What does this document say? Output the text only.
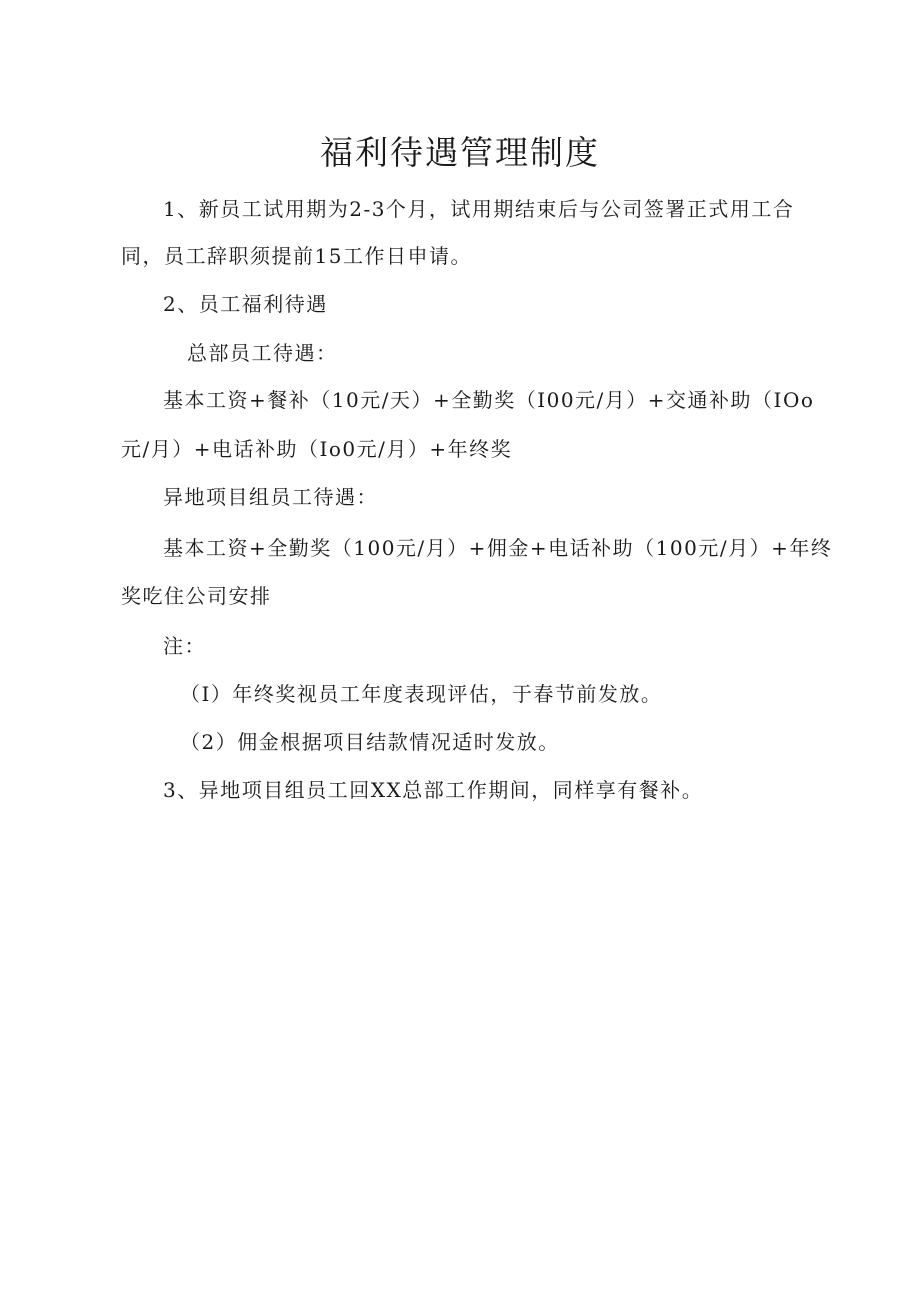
福利待遇管理制度
1、新员工试用期为2-3个月，试用期结束后与公司签署正式用工合
同，员工辞职须提前15工作日申请。
2、员工福利待遇
总部员工待遇：
基本工资+餐补（10元/天）+全勤奖（I00元/月）+交通补助（IOo
元/月）+电话补助（Io0元/月）+年终奖
异地项目组员工待遇：
基本工资+全勤奖（100元/月）+佣金+电话补助（100元/月）+年终
奖吃住公司安排
注：
（I）年终奖视员工年度表现评估，于春节前发放。
（2）佣金根据项目结款情况适时发放。
3、异地项目组员工回XX总部工作期间，同样享有餐补。
